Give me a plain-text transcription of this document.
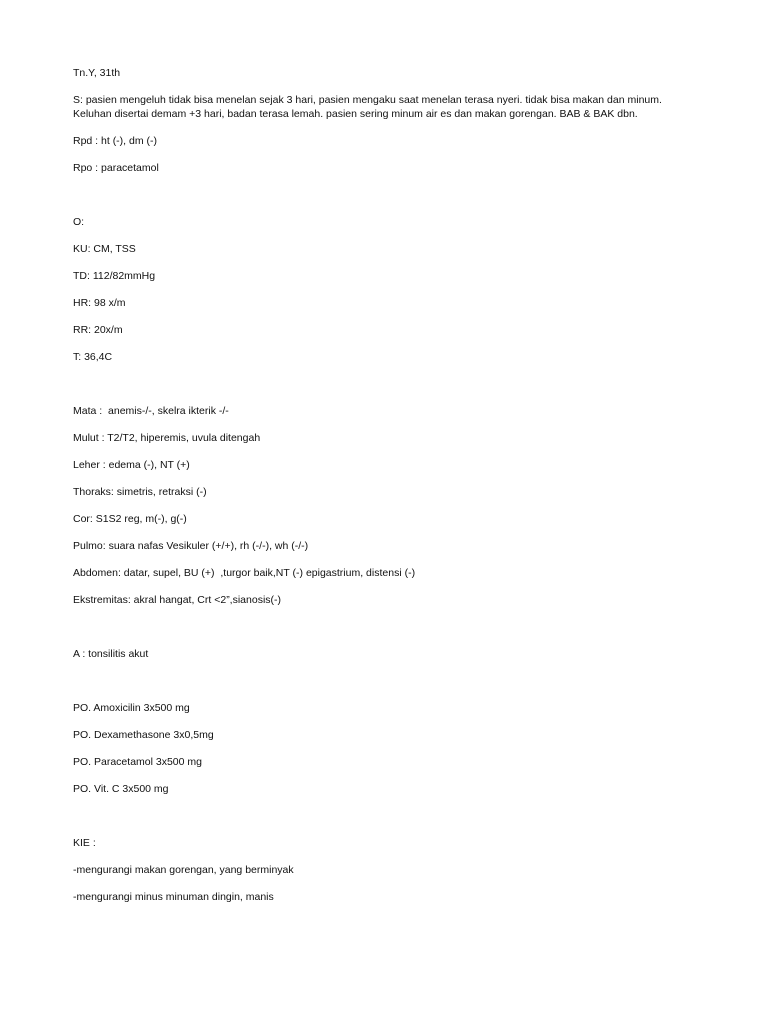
Tn.Y, 31th

S: pasien mengeluh tidak bisa menelan sejak 3 hari, pasien mengaku saat menelan terasa nyeri. tidak bisa makan dan minum. Keluhan disertai demam +3 hari, badan terasa lemah. pasien sering minum air es dan makan gorengan. BAB & BAK dbn.

Rpd : ht (-), dm (-)

Rpo : paracetamol

O:

KU: CM, TSS

TD: 112/82mmHg

HR: 98 x/m

RR: 20x/m

T: 36,4C

Mata :  anemis-/-, skelra ikterik -/-

Mulut : T2/T2, hiperemis, uvula ditengah

Leher : edema (-), NT (+)

Thoraks: simetris, retraksi (-)

Cor: S1S2 reg, m(-), g(-)

Pulmo: suara nafas Vesikuler (+/+), rh (-/-), wh (-/-)

Abdomen: datar, supel, BU (+)  ,turgor baik,NT (-) epigastrium, distensi (-)

Ekstremitas: akral hangat, Crt <2”,sianosis(-)

A : tonsilitis akut

PO. Amoxicilin 3x500 mg

PO. Dexamethasone 3x0,5mg

PO. Paracetamol 3x500 mg

PO. Vit. C 3x500 mg

KIE :

-mengurangi makan gorengan, yang berminyak

-mengurangi minus minuman dingin, manis
